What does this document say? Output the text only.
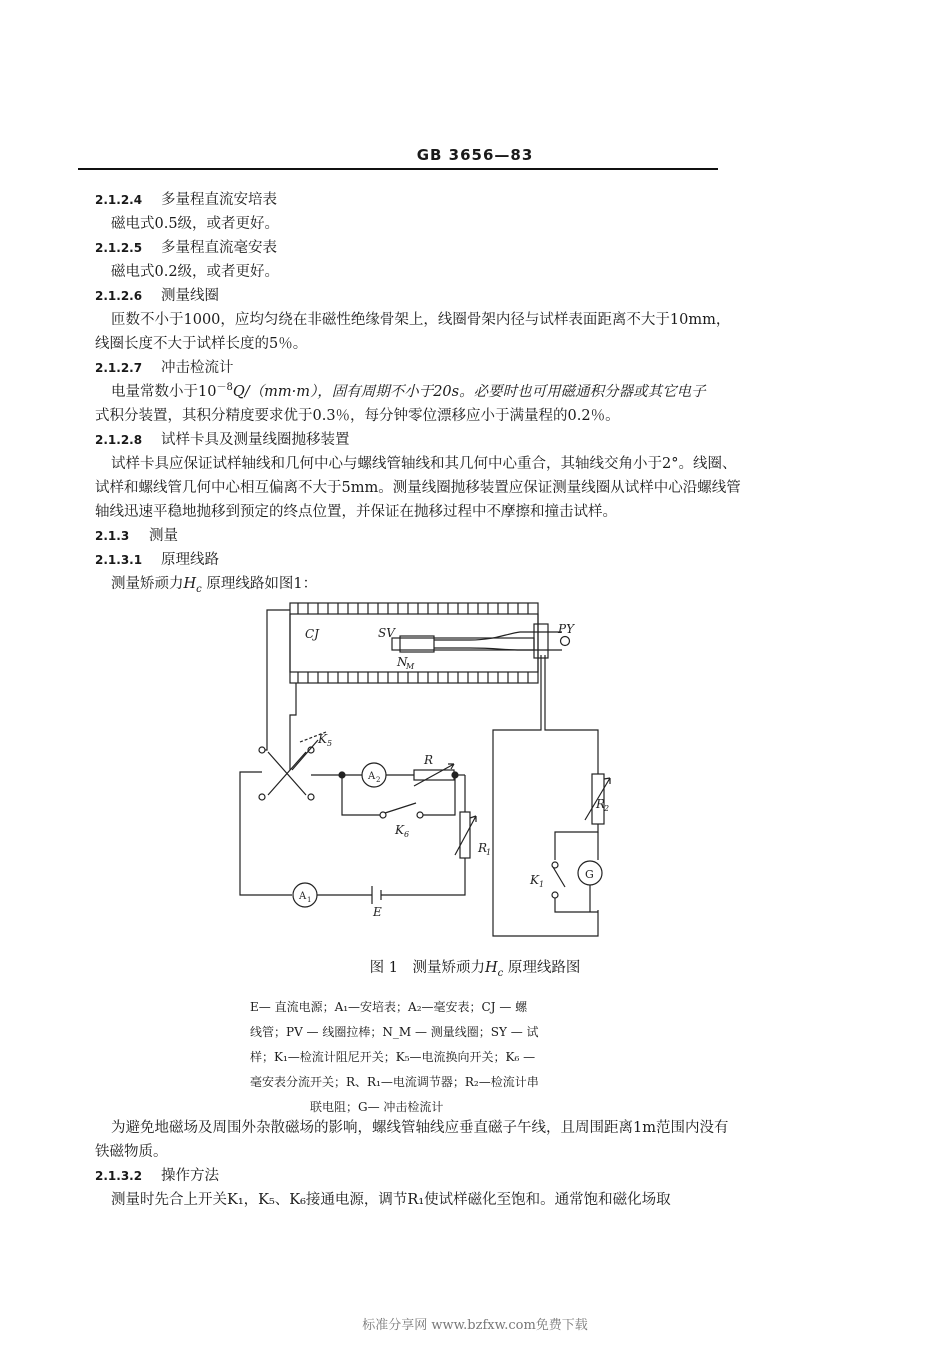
GB 3656—83
2.1.2.4 多量程直流安培表
磁电式0.5级，或者更好。
2.1.2.5 多量程直流毫安表
磁电式0.2级，或者更好。
2.1.2.6 测量线圈
匝数不小于1000，应均匀绕在非磁性绝缘骨架上，线圈骨架内径与试样表面距离不大于10mm，
线圈长度不大于试样长度的5％。
2.1.2.7 冲击检流计
电量常数小于$10^{-8}Q/(mm\cdot m)$，固有周期不小于20s。必要时也可用磁通积分器或其它电子
式积分装置，其积分精度要求优于0.3％，每分钟零位漂移应小于满量程的0.2％。
2.1.2.8 试样卡具及测量线圈抛移装置
试样卡具应保证试样轴线和几何中心与螺线管轴线和其几何中心重合，其轴线交角小于2°。线圈、
试样和螺线管几何中心相互偏离不大于5mm。测量线圈抛移装置应保证测量线圈从试样中心沿螺线管
轴线迅速平稳地抛移到预定的终点位置，并保证在抛移过程中不摩擦和撞击试样。
2.1.3 测量
2.1.3.1 原理线路
测量矫顽力$H_c$ 原理线路如图1：
CJ	SV	PY
N
M
K 5
A 2
R
K 6
R
1
A 1
E
R
2
K 1
G
图 1　测量矫顽力$H_c$ 原理线路图
E— 直流电源；A₁—安培表；A₂—毫安表；CJ — 螺
线管；PV — 线圈拉棒；N_M — 测量线圈；SY — 试
样；K₁—检流计阻尼开关；K₅—电流换向开关；K₆ —
毫安表分流开关；R、R₁—电流调节器；R₂—检流计串
联电阻；G— 冲击检流计
为避免地磁场及周围外杂散磁场的影响，螺线管轴线应垂直磁子午线，且周围距离1m范围内没有
铁磁物质。
2.1.3.2 操作方法
测量时先合上开关K₁，K₅、K₆接通电源，调节R₁使试样磁化至饱和。通常饱和磁化场取
标准分享网 www.bzfxw.com免费下载
